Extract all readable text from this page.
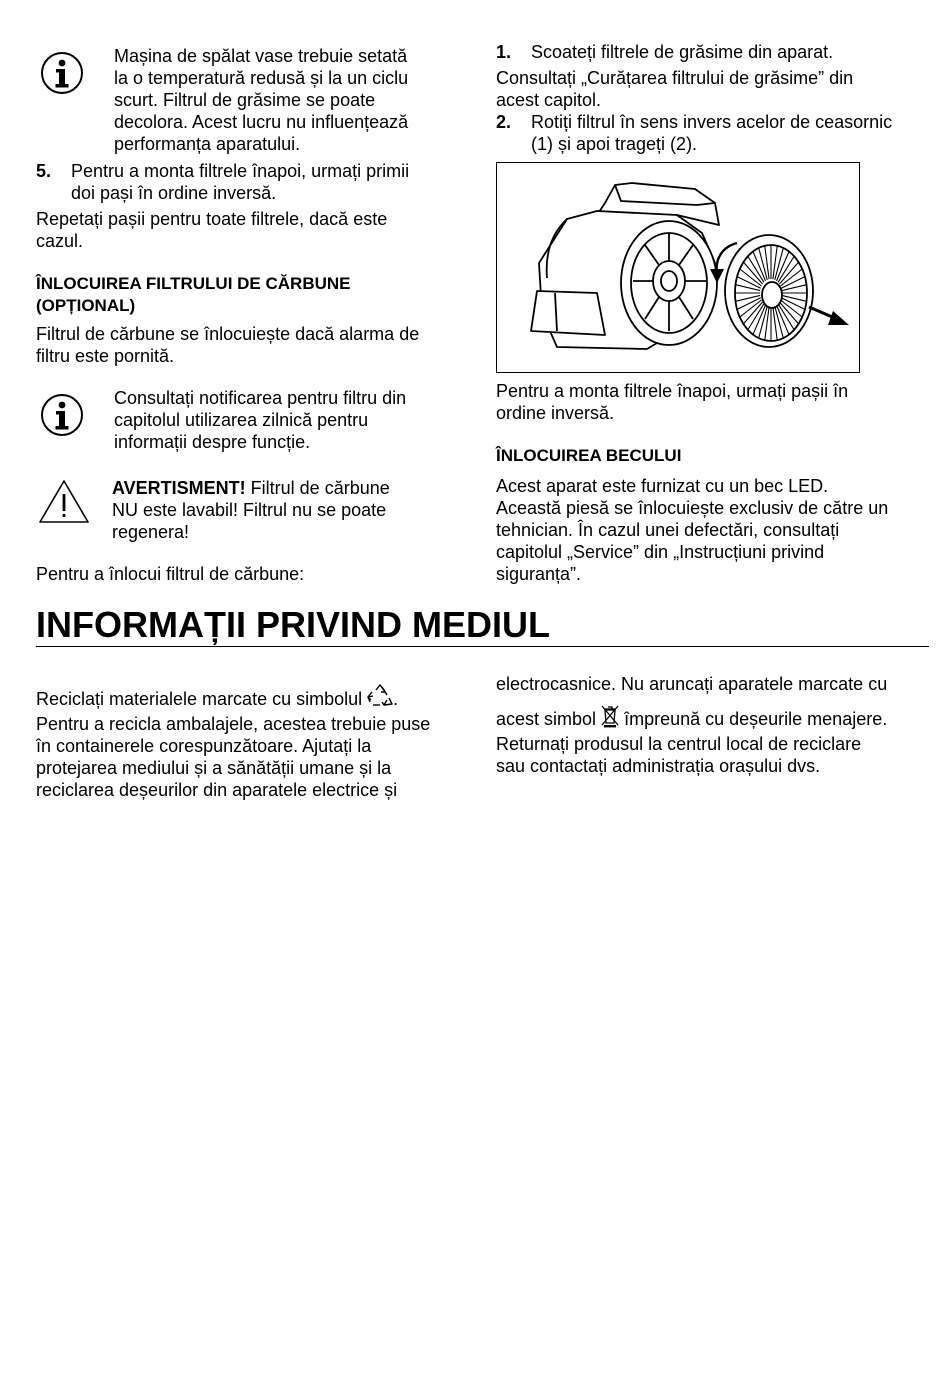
Mașina de spălat vase trebuie setată

la o temperatură redusă și la un ciclu

scurt. Filtrul de grăsime se poate

decolora. Acest lucru nu influențează

performanța aparatului.

5.	Pentru a monta filtrele înapoi, urmați primii

doi pași în ordine inversă.

Repetați pașii pentru toate filtrele, dacă este

cazul.

ÎNLOCUIREA FILTRULUI DE CĂRBUNE

(OPȚIONAL)

Filtrul de cărbune se înlocuiește dacă alarma de

filtru este pornită.

Consultați notificarea pentru filtru din

capitolul utilizarea zilnică pentru

informații despre funcție.

AVERTISMENT! Filtrul de cărbune

NU este lavabil! Filtrul nu se poate

regenera!

Pentru a înlocui filtrul de cărbune:

1.	Scoateți filtrele de grăsime din aparat.

Consultați „Curățarea filtrului de grăsime” din

acest capitol.

2.	Rotiți filtrul în sens invers acelor de ceasornic

(1) și apoi trageți (2).

Pentru a monta filtrele înapoi, urmați pașii în

ordine inversă.

ÎNLOCUIREA BECULUI

Acest aparat este furnizat cu un bec LED.

Această piesă se înlocuiește exclusiv de către un

tehnician. În cazul unei defectări, consultați

capitolul „Service” din „Instrucțiuni privind

siguranța”.

INFORMAȚII PRIVIND MEDIUL

Reciclați materialele marcate cu simbolul .

Pentru a recicla ambalajele, acestea trebuie puse

în containerele corespunzătoare. Ajutați la

protejarea mediului și a sănătății umane și la

reciclarea deșeurilor din aparatele electrice și

electrocasnice. Nu aruncați aparatele marcate cu

acest simbol împreună cu deșeurile menajere.

Returnați produsul la centrul local de reciclare

sau contactați administrația orașului dvs.
